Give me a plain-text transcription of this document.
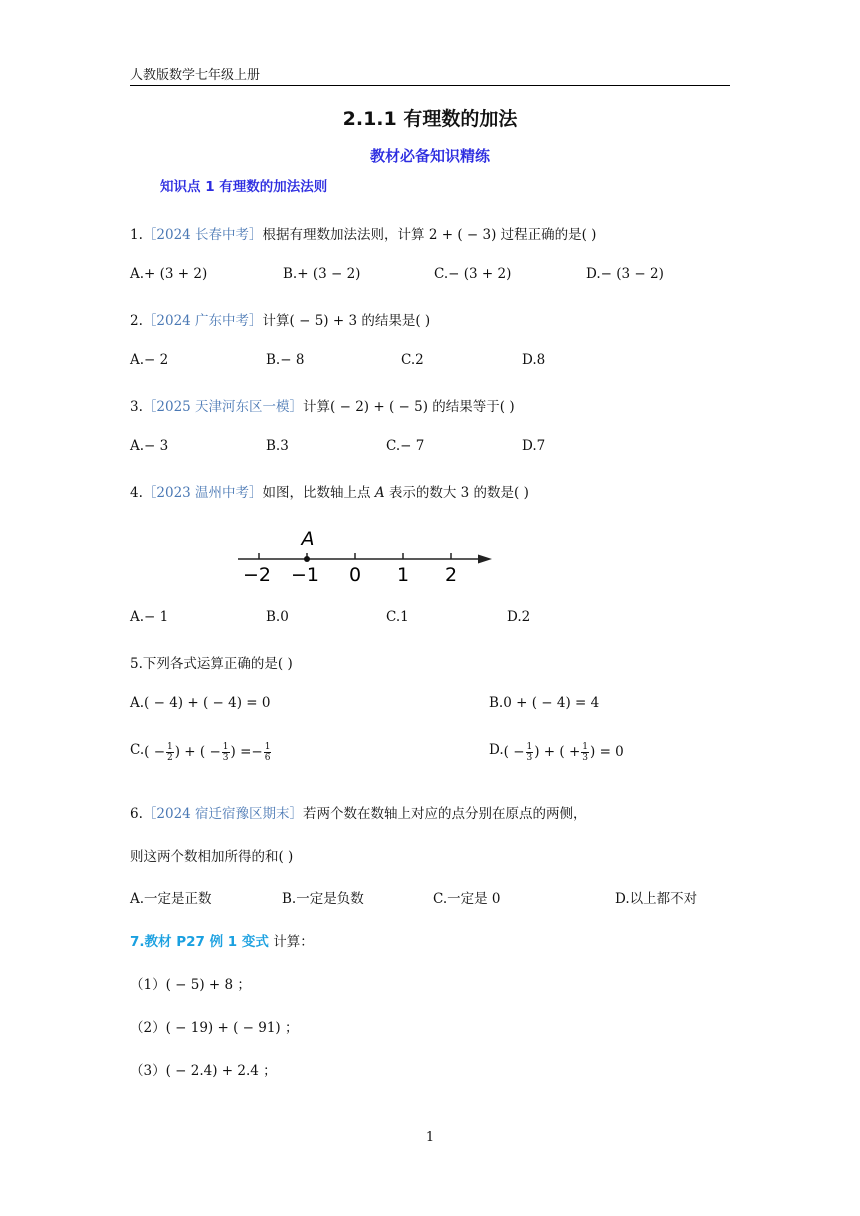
人教版数学七年级上册
2.1.1 有理数的加法
教材必备知识精练
知识点 1 有理数的加法法则
1.［2024 长春中考］根据有理数加法法则，计算 2 + ( − 3) 过程正确的是( )
A.+ (3 + 2)	B.+ (3 − 2)	C.− (3 + 2)	D.− (3 − 2)
2.［2024 广东中考］计算( − 5) + 3 的结果是( )
A.− 2	B.− 8	C.2	D.8
3.［2025 天津河东区一模］计算( − 2) + ( − 5) 的结果等于( )
A.− 3	B.3	C.− 7	D.7
4.［2023 温州中考］如图，比数轴上点 A 表示的数大 3 的数是( )
A
−2 −1 0 1 2
A.− 1	B.0	C.1	D.2
5.下列各式运算正确的是( )
A.( − 4) + ( − 4) = 0	B.0 + ( − 4) = 4
$C.( - \frac{1}{2}$ ) + ( − $\frac{1}{3}$ ) =− $\frac{1}{6}$	$D.( - \frac{1}{3}$ ) + ( + $\frac{1}{3}$ ) = 0
6.［2024 宿迁宿豫区期末］若两个数在数轴上对应的点分别在原点的两侧，
则这两个数相加所得的和( )
A.一定是正数	B.一定是负数	C.一定是 0	D.以上都不对
7.教材 P27 例 1 变式 计算：
（1）( − 5) + 8 ；
（2）( − 19) + ( − 91) ；
（3）( − 2.4) + 2.4 ；
1
